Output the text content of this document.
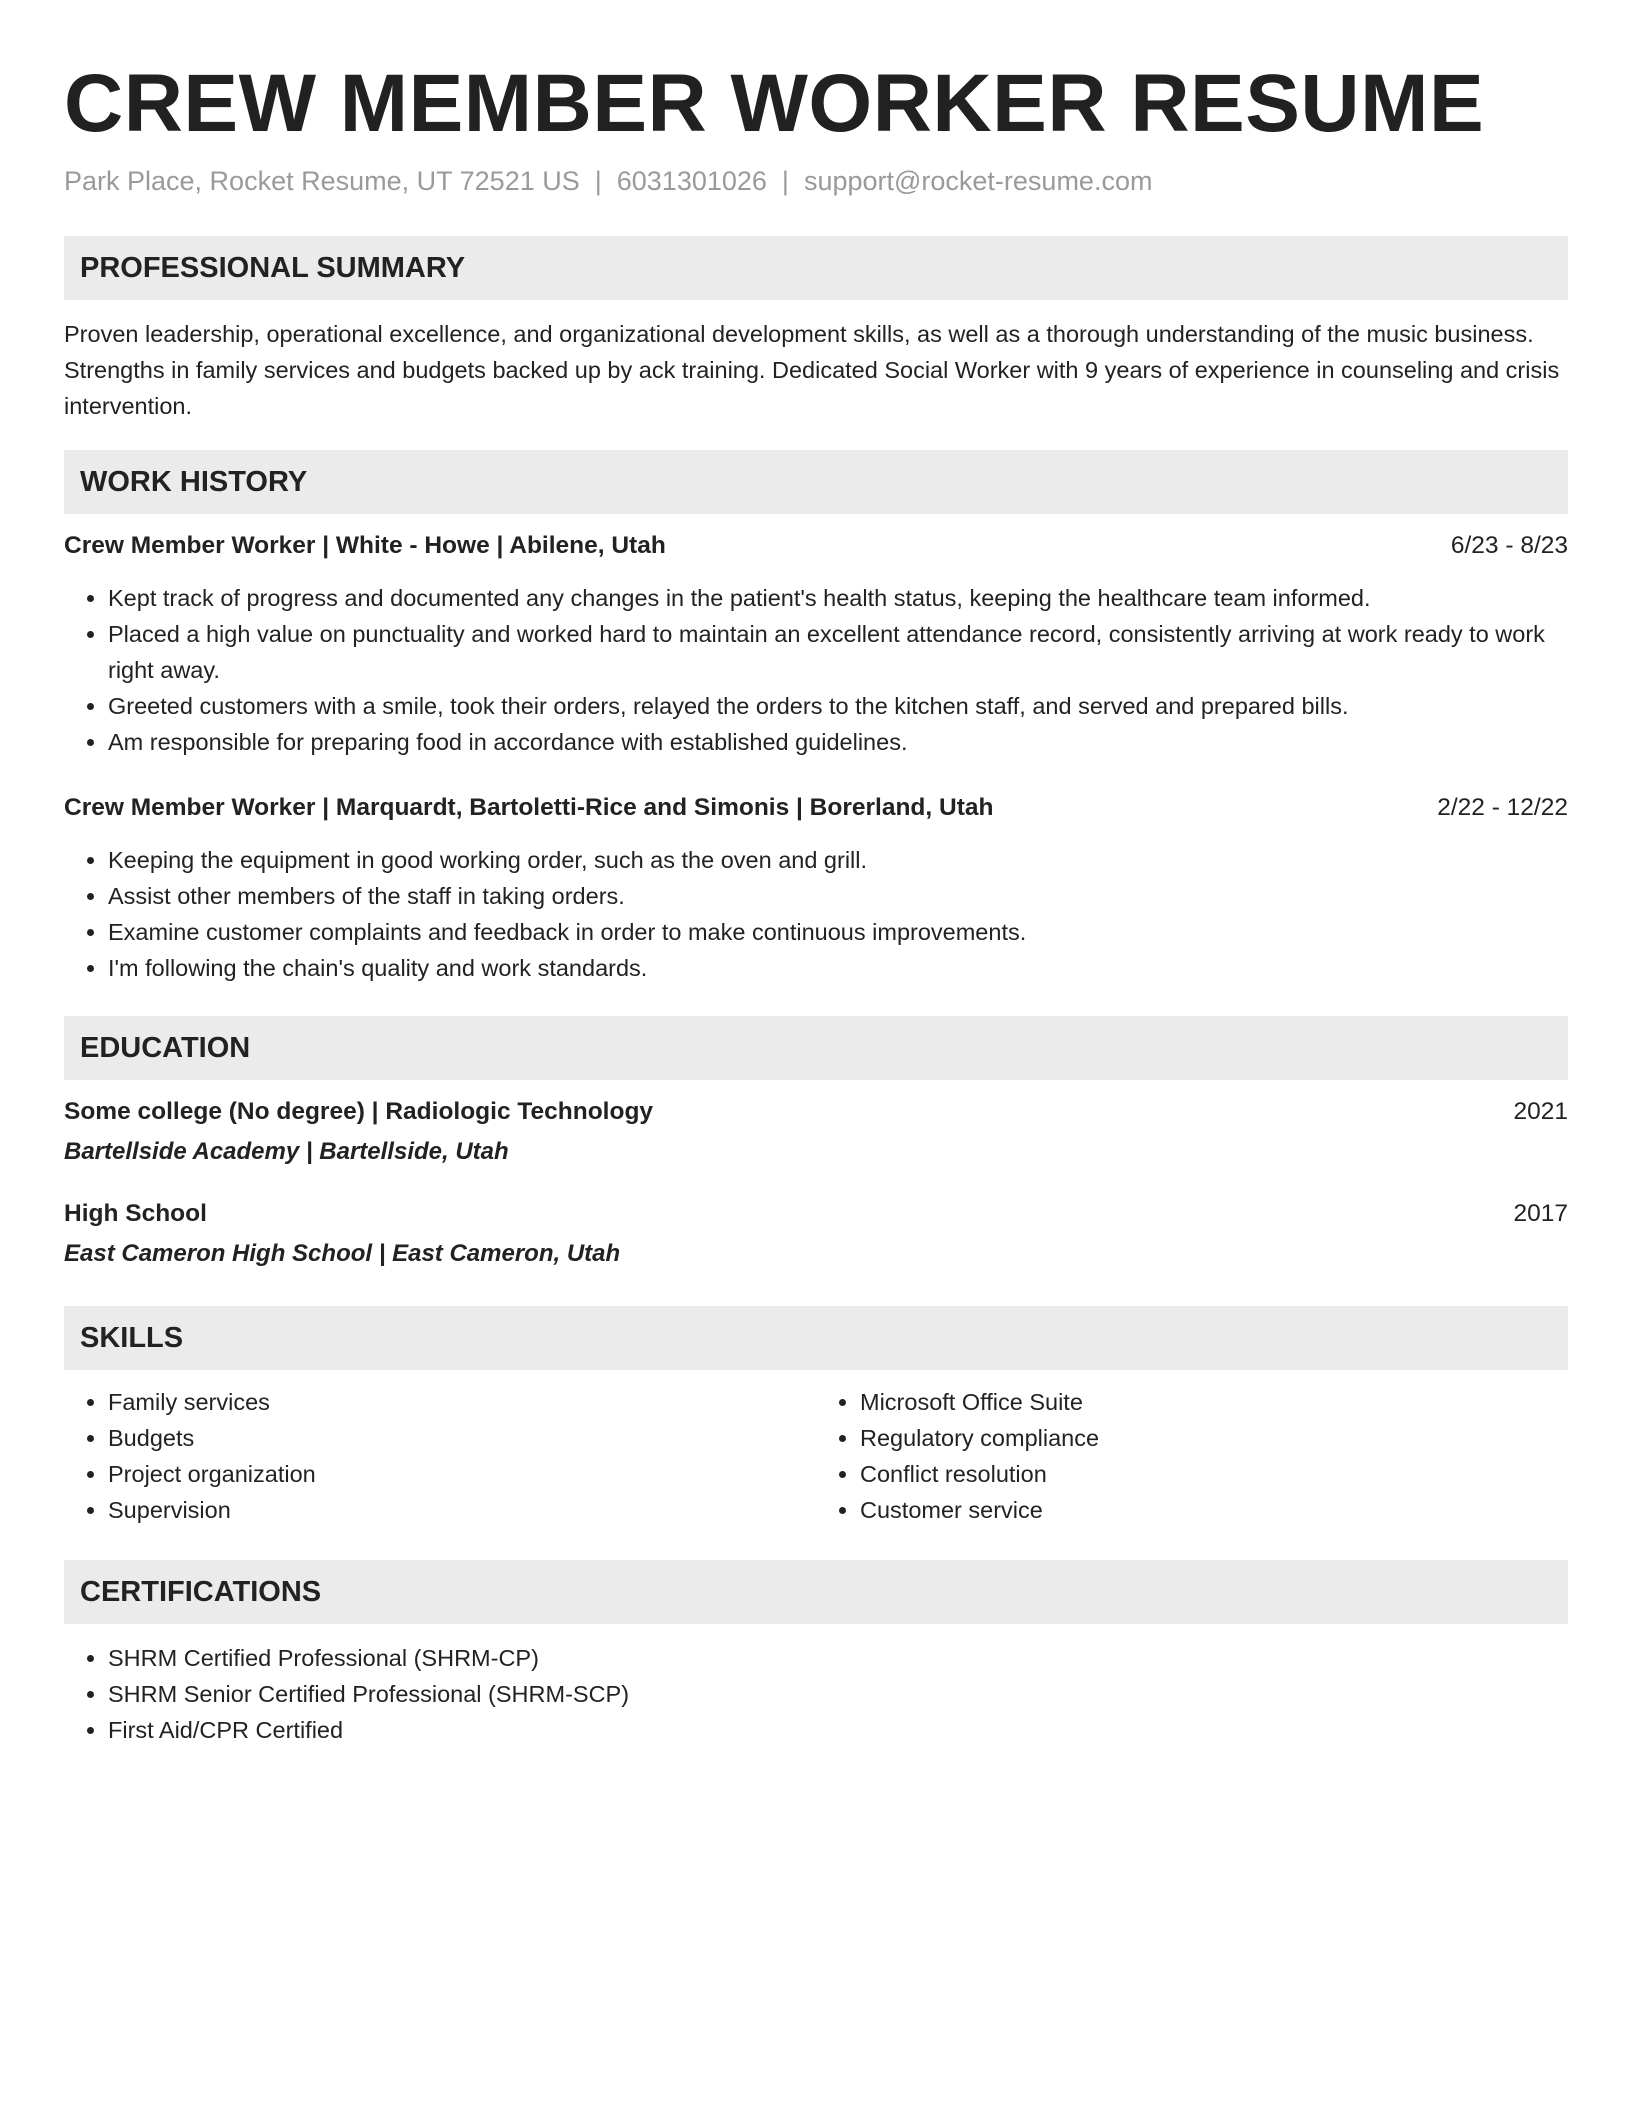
CREW MEMBER WORKER RESUME
Park Place, Rocket Resume, UT 72521 US | 6031301026 | support@rocket-resume.com
PROFESSIONAL SUMMARY
Proven leadership, operational excellence, and organizational development skills, as well as a thorough understanding of the music business. Strengths in family services and budgets backed up by ack training. Dedicated Social Worker with 9 years of experience in counseling and crisis intervention.
WORK HISTORY
Crew Member Worker | White - Howe | Abilene, Utah	6/23 - 8/23
• Kept track of progress and documented any changes in the patient's health status, keeping the healthcare team informed.
• Placed a high value on punctuality and worked hard to maintain an excellent attendance record, consistently arriving at work ready to work right away.
• Greeted customers with a smile, took their orders, relayed the orders to the kitchen staff, and served and prepared bills.
• Am responsible for preparing food in accordance with established guidelines.
Crew Member Worker | Marquardt, Bartoletti-Rice and Simonis | Borerland, Utah	2/22 - 12/22
• Keeping the equipment in good working order, such as the oven and grill.
• Assist other members of the staff in taking orders.
• Examine customer complaints and feedback in order to make continuous improvements.
• I'm following the chain's quality and work standards.
EDUCATION
Some college (No degree) | Radiologic Technology	2021
Bartellside Academy | Bartellside, Utah
High School	2017
East Cameron High School | East Cameron, Utah
SKILLS
• Family services
• Budgets
• Project organization
• Supervision
• Microsoft Office Suite
• Regulatory compliance
• Conflict resolution
• Customer service
CERTIFICATIONS
• SHRM Certified Professional (SHRM-CP)
• SHRM Senior Certified Professional (SHRM-SCP)
• First Aid/CPR Certified
